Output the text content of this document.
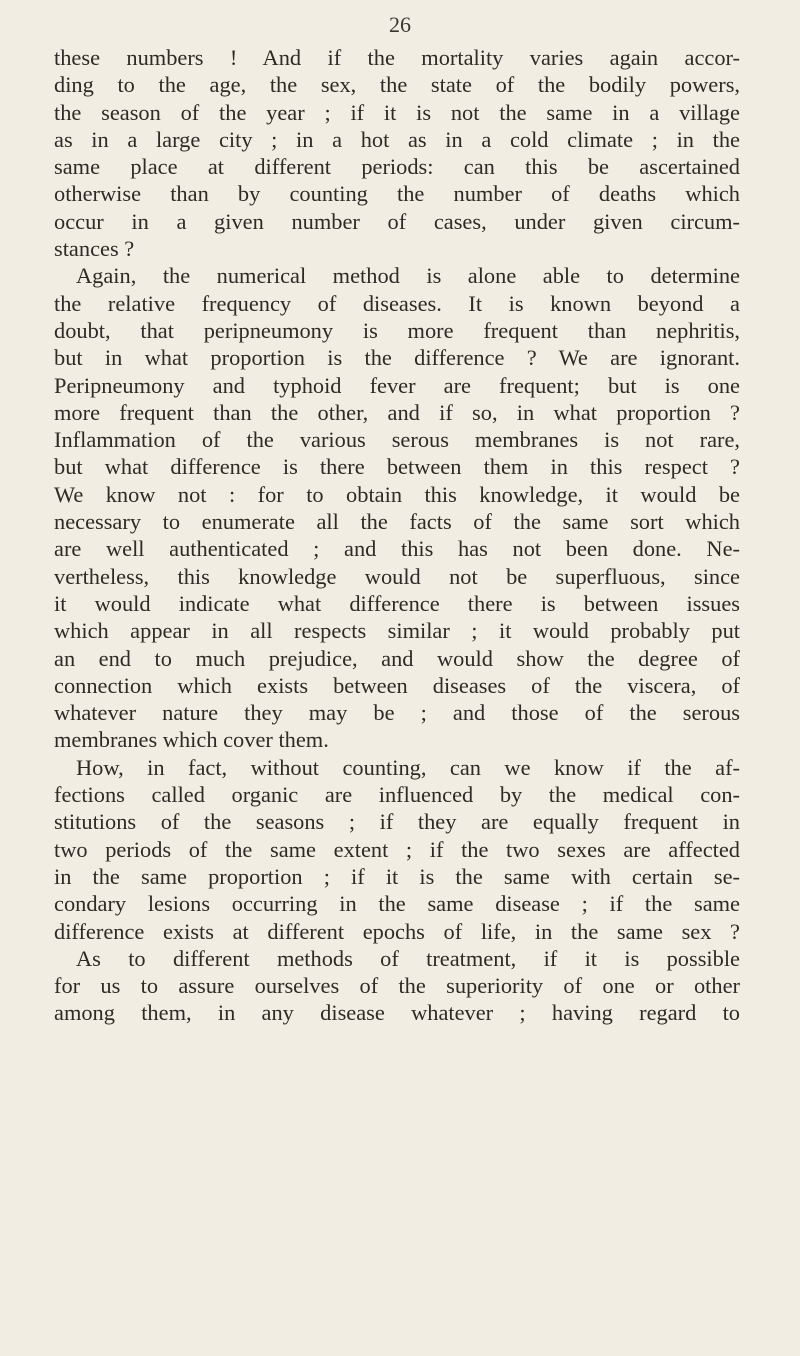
26
these numbers ! And if the mortality varies again accor-
ding to the age, the sex, the state of the bodily powers,
the season of the year ; if it is not the same in a village
as in a large city ; in a hot as in a cold climate ; in the
same place at different periods: can this be ascertained
otherwise than by counting the number of deaths which
occur in a given number of cases, under given circum-
stances ?
Again, the numerical method is alone able to determine
the relative frequency of diseases. It is known beyond a
doubt, that peripneumony is more frequent than nephritis,
but in what proportion is the difference ? We are ignorant.
Peripneumony and typhoid fever are frequent; but is one
more frequent than the other, and if so, in what proportion ?
Inflammation of the various serous membranes is not rare,
but what difference is there between them in this respect ?
We know not : for to obtain this knowledge, it would be
necessary to enumerate all the facts of the same sort which
are well authenticated ; and this has not been done. Ne-
vertheless, this knowledge would not be superfluous, since
it would indicate what difference there is between issues
which appear in all respects similar ; it would probably put
an end to much prejudice, and would show the degree of
connection which exists between diseases of the viscera, of
whatever nature they may be ; and those of the serous
membranes which cover them.
How, in fact, without counting, can we know if the af-
fections called organic are influenced by the medical con-
stitutions of the seasons ; if they are equally frequent in
two periods of the same extent ; if the two sexes are affected
in the same proportion ; if it is the same with certain se-
condary lesions occurring in the same disease ; if the same
difference exists at different epochs of life, in the same sex ?
As to different methods of treatment, if it is possible
for us to assure ourselves of the superiority of one or other
among them, in any disease whatever ; having regard to
